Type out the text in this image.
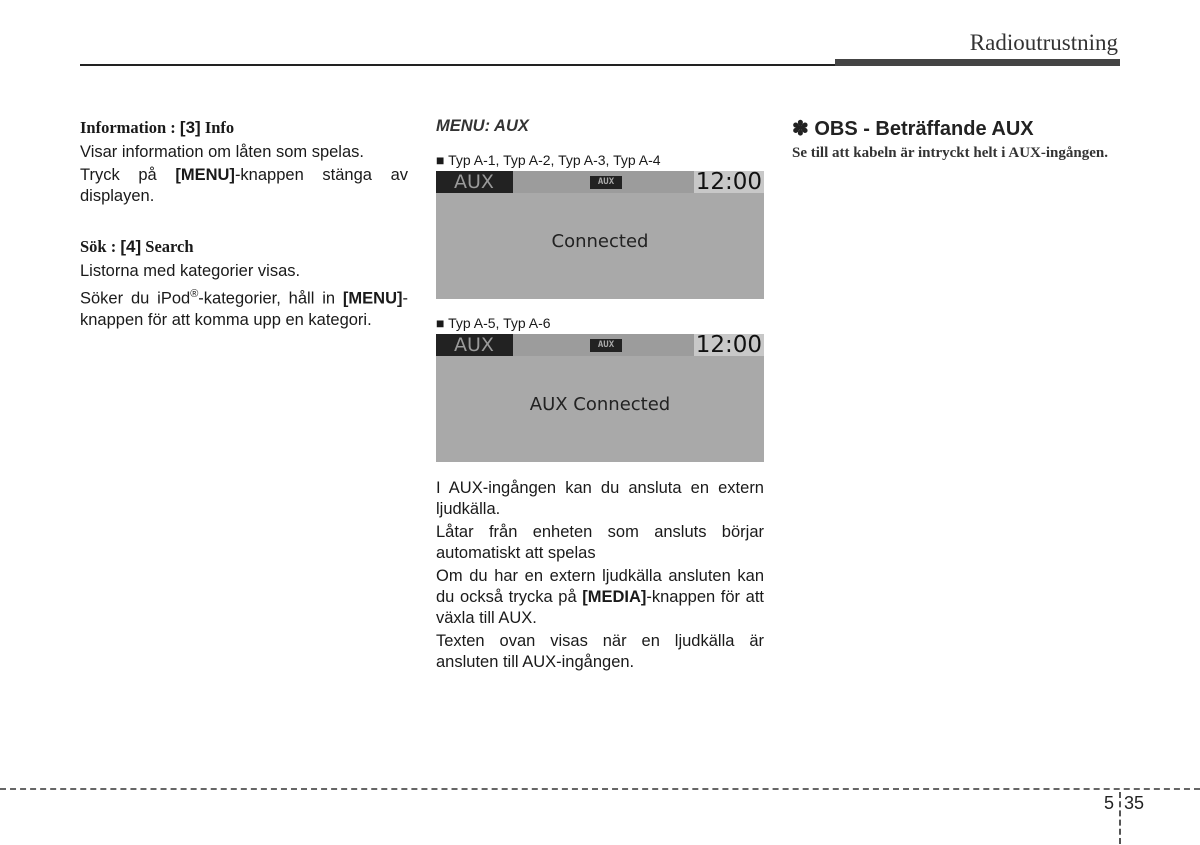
Radioutrustning
Information : [3] Info

Visar information om låten som spelas.

Tryck på [MENU]-knappen stänga av displayen.

Sök : [4] Search

Listorna med kategorier visas.

Söker du iPod®-kategorier, håll in [MENU]-knappen för att komma upp en kategori.

MENU: AUX
■ Typ A-1, Typ A-2, Typ A-3, Typ A-4
AUX	AUX	12:00
Connected
■ Typ A-5, Typ A-6
AUX	AUX	12:00
AUX Connected

I AUX-ingången kan du ansluta en extern ljudkälla.

Låtar från enheten som ansluts börjar automatiskt att spelas

Om du har en extern ljudkälla ansluten kan du också trycka på [MEDIA]-knappen för att växla till AUX.

Texten ovan visas när en ljudkälla är ansluten till AUX-ingången.

✽ OBS - Beträffande AUX
Se till att kabeln är intryckt helt i AUX-ingången.
5 35
